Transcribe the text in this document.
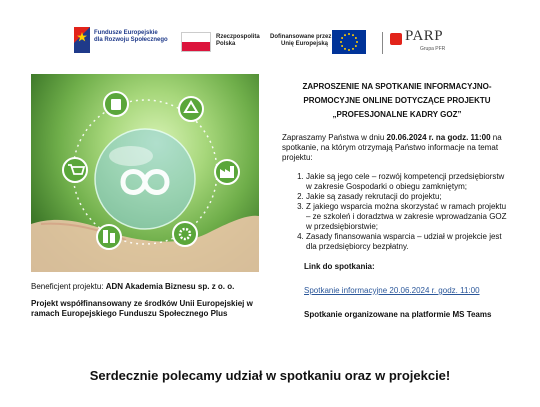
Fundusze Europejskie
dla Rozwoju Społecznego	Rzeczpospolita
Polska
Dofinansowane przez
Unię Europejską	PARP
Grupa PFR
Beneficjent projektu: ADN Akademia Biznesu sp. z o. o.
Projekt współfinansowany ze środków Unii Europejskiej w ramach Europejskiego Funduszu Społecznego Plus
ZAPROSZENIE NA SPOTKANIE INFORMACYJNO-
PROMOCYJNE ONLINE DOTYCZĄCE PROJEKTU
„PROFESJONALNE KADRY GOZ”

Zapraszamy Państwa w dniu 20.06.2024 r. na godz. 11:00 na spotkanie, na którym otrzymają Państwo informacje na temat projektu:

1. Jakie są jego cele – rozwój kompetencji przedsiębiorstw w zakresie Gospodarki o obiegu zamkniętym;
2. Jakie są zasady rekrutacji do projektu;
3. Z jakiego wsparcia można skorzystać w ramach projektu – ze szkoleń i doradztwa w zakresie wprowadzania GOZ w przedsiębiorstwie;
4. Zasady finansowania wsparcia – udział w projekcie jest dla przedsiębiorcy bezpłatny.
Link do spotkania:
Spotkanie informacyjne 20.06.2024 r. godz. 11:00
Spotkanie organizowane na platformie MS Teams
Serdecznie polecamy udział w spotkaniu oraz w projekcie!
